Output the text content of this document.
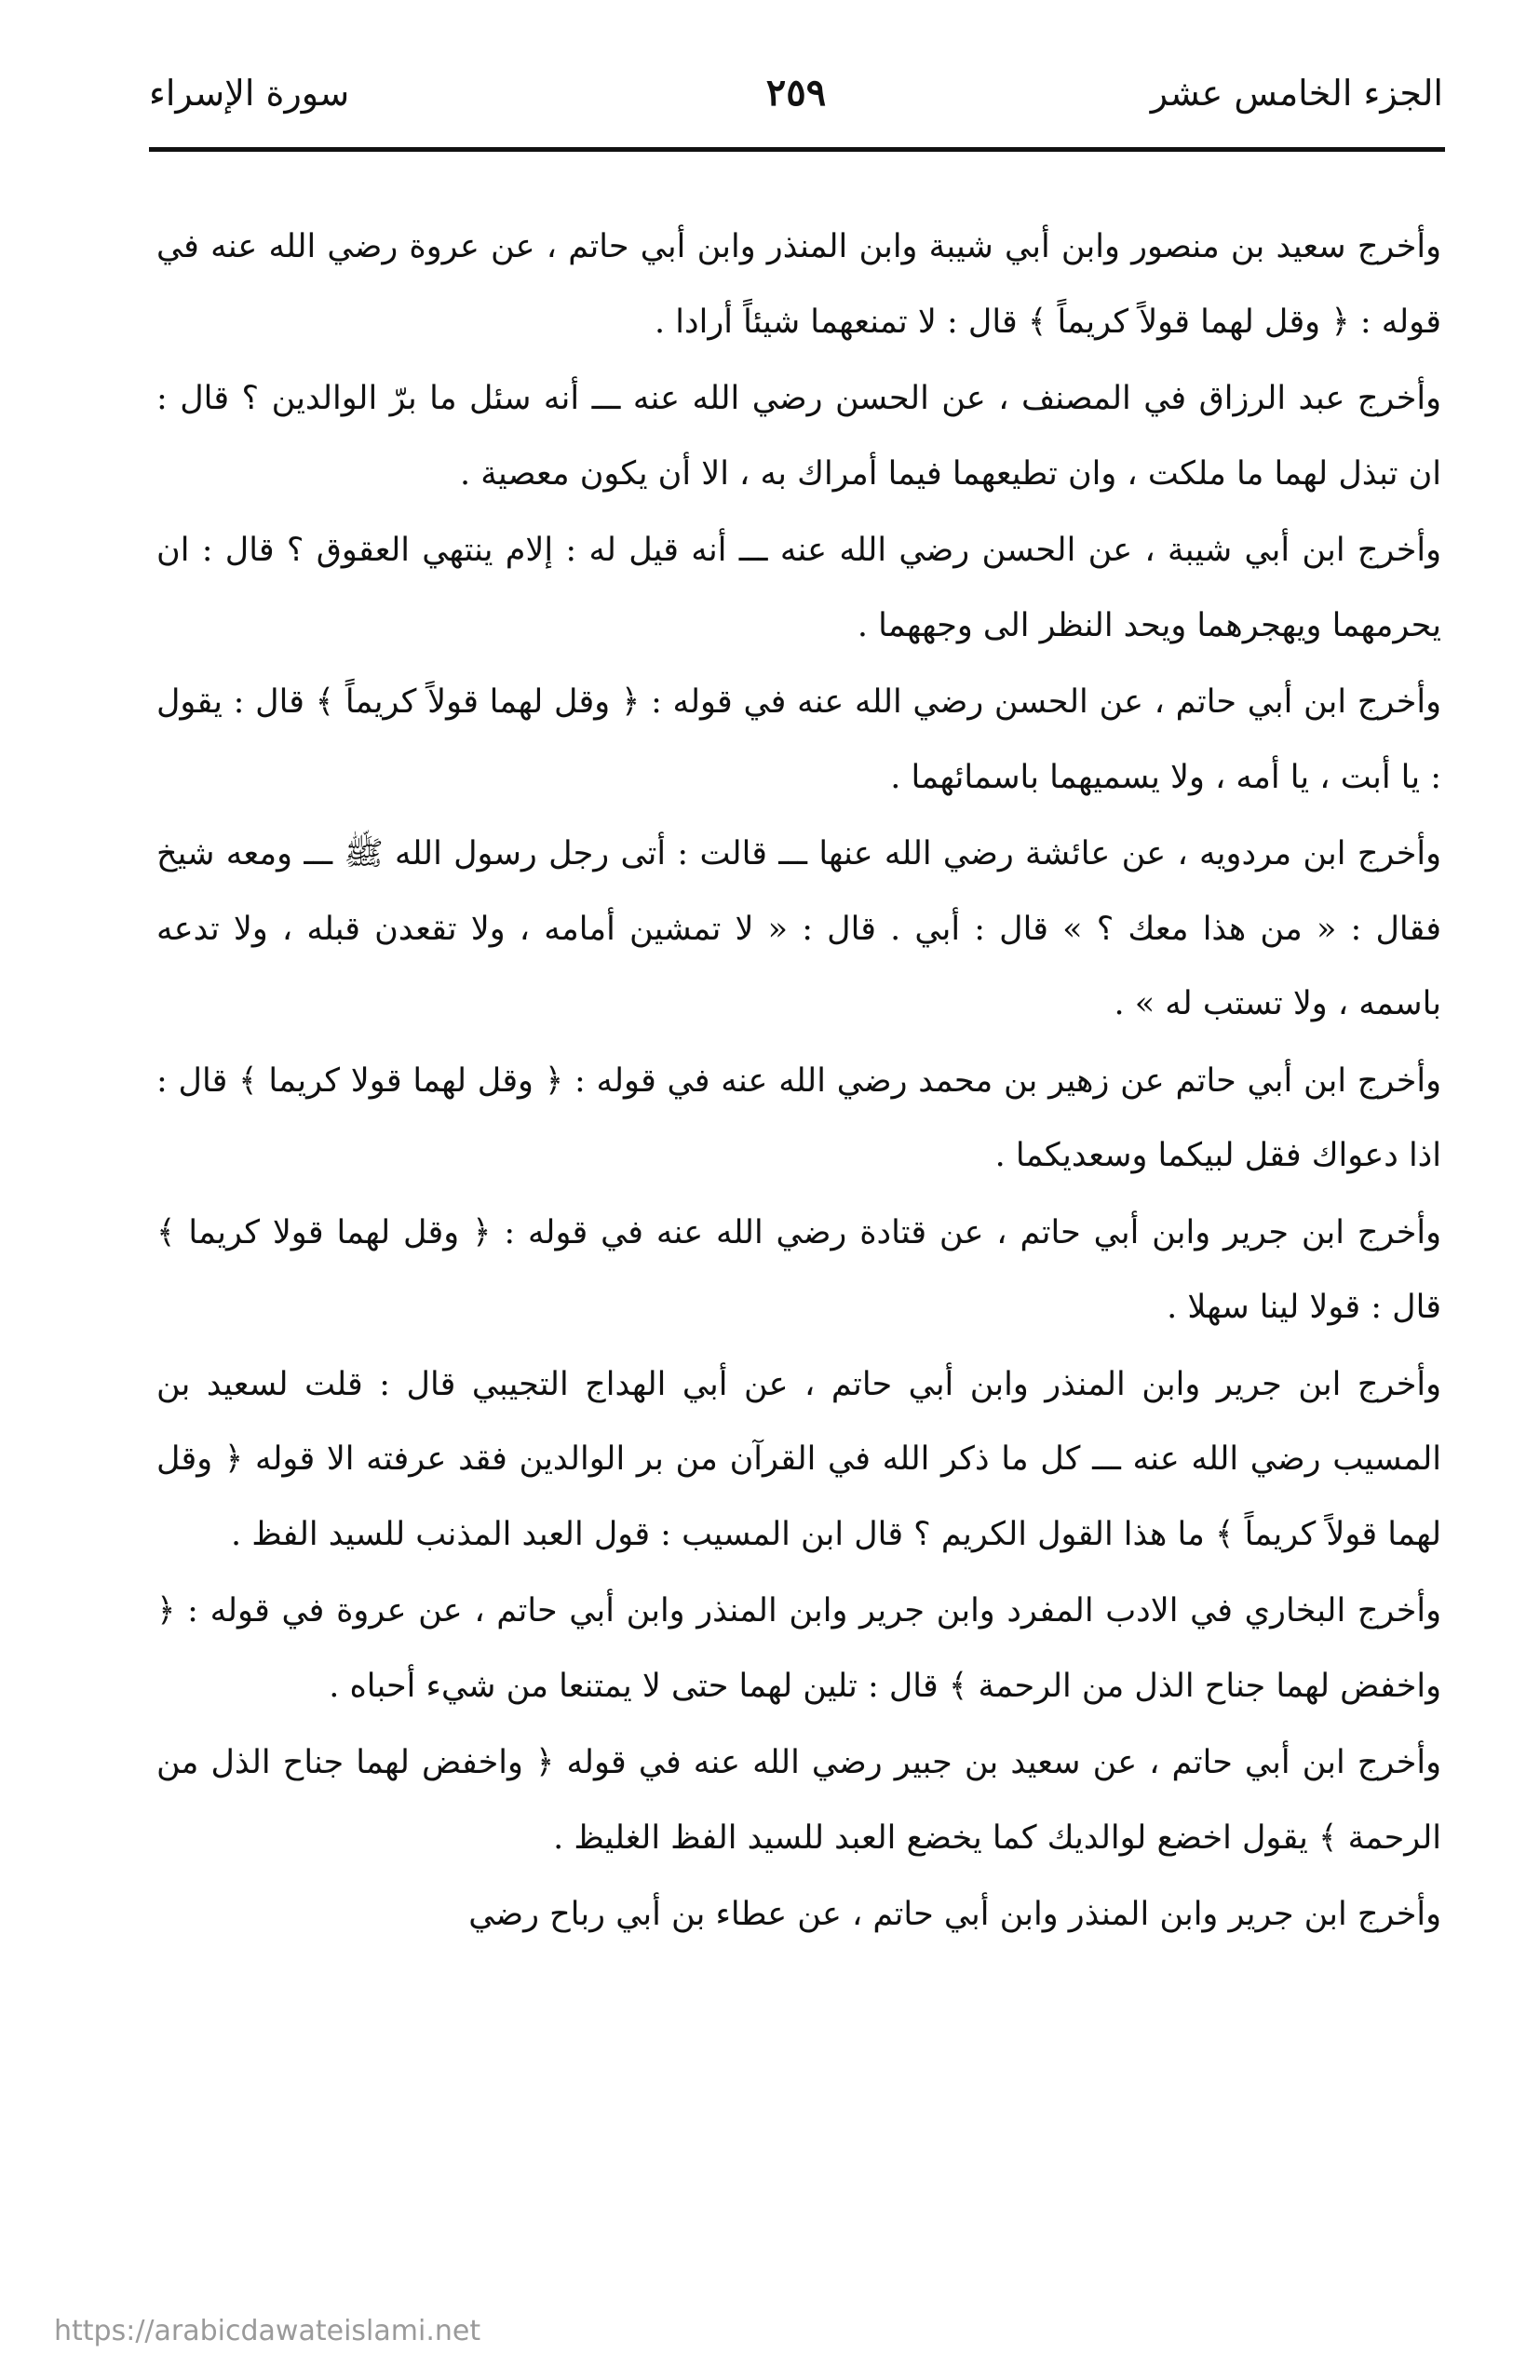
الجزء الخامس عشر
٢٥٩
سورة الإسراء

وأخرج سعيد بن منصور وابن أبي شيبة وابن المنذر وابن أبي حاتم ، عن عروة رضي الله عنه في قوله : ﴿ وقل لهما قولاً كريماً ﴾ قال : لا تمنعهما شيئاً أرادا .

وأخرج عبد الرزاق في المصنف ، عن الحسن رضي الله عنه ـــ أنه سئل ما برّ الوالدين ؟ قال : ان تبذل لهما ما ملكت ، وان تطيعهما فيما أمراك به ، الا أن يكون معصية .

وأخرج ابن أبي شيبة ، عن الحسن رضي الله عنه ـــ أنه قيل له : إلام ينتهي العقوق ؟ قال : ان يحرمهما ويهجرهما ويحد النظر الى وجههما .

وأخرج ابن أبي حاتم ، عن الحسن رضي الله عنه في قوله : ﴿ وقل لهما قولاً كريماً ﴾ قال : يقول : يا أبت ، يا أمه ، ولا يسميهما باسمائهما .

وأخرج ابن مردويه ، عن عائشة رضي الله عنها ـــ قالت : أتى رجل رسول الله ﷺ ـــ ومعه شيخ فقال : « من هذا معك ؟ » قال : أبي . قال : « لا تمشين أمامه ، ولا تقعدن قبله ، ولا تدعه باسمه ، ولا تستب له » .

وأخرج ابن أبي حاتم عن زهير بن محمد رضي الله عنه في قوله : ﴿ وقل لهما قولا كريما ﴾ قال : اذا دعواك فقل لبيكما وسعديكما .

وأخرج ابن جرير وابن أبي حاتم ، عن قتادة رضي الله عنه في قوله : ﴿ وقل لهما قولا كريما ﴾ قال : قولا لينا سهلا .

وأخرج ابن جرير وابن المنذر وابن أبي حاتم ، عن أبي الهداج التجيبي قال : قلت لسعيد بن المسيب رضي الله عنه ـــ كل ما ذكر الله في القرآن من بر الوالدين فقد عرفته الا قوله ﴿ وقل لهما قولاً كريماً ﴾ ما هذا القول الكريم ؟ قال ابن المسيب : قول العبد المذنب للسيد الفظ .

وأخرج البخاري في الادب المفرد وابن جرير وابن المنذر وابن أبي حاتم ، عن عروة في قوله : ﴿ واخفض لهما جناح الذل من الرحمة ﴾ قال : تلين لهما حتى لا يمتنعا من شيء أحباه .

وأخرج ابن أبي حاتم ، عن سعيد بن جبير رضي الله عنه في قوله ﴿ واخفض لهما جناح الذل من الرحمة ﴾ يقول اخضع لوالديك كما يخضع العبد للسيد الفظ الغليظ .

وأخرج ابن جرير وابن المنذر وابن أبي حاتم ، عن عطاء بن أبي رباح رضي

https://arabicdawateislami.net
